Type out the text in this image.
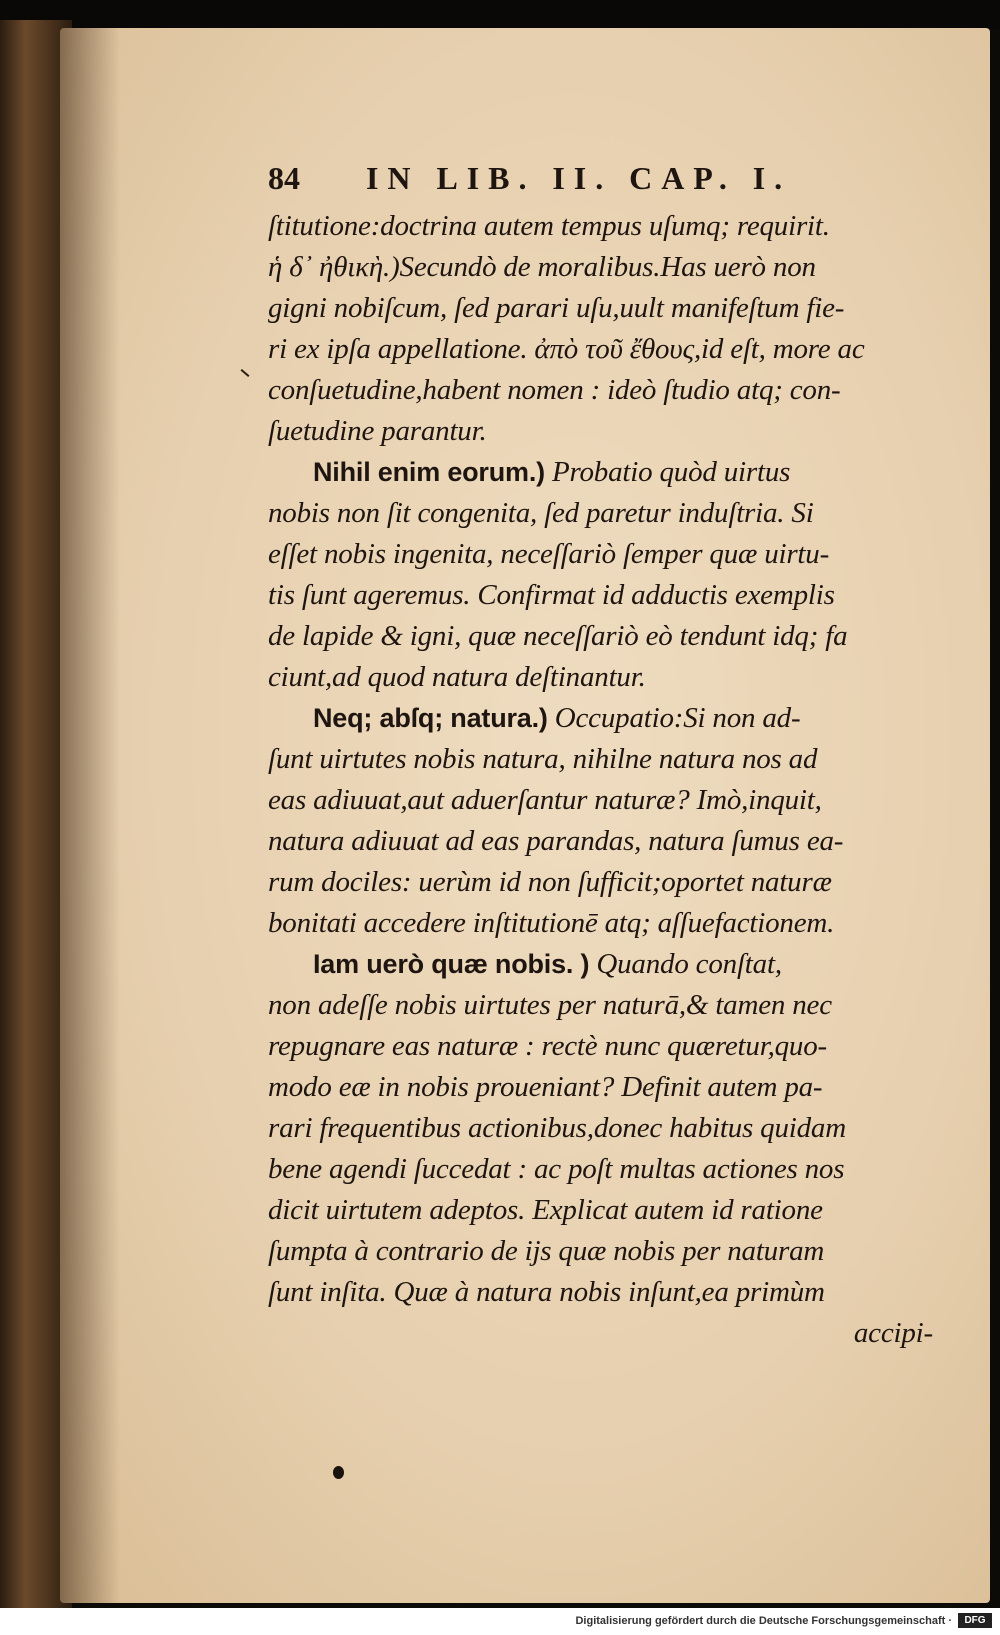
84	IN LIB. II. CAP. I.
ſtitutione:doctrina autem tempus uſumq; requirit.
ἡ δ᾽ ἠθικὴ.)Secundò de moralibus.Has uerò non
gigni nobiſcum, ſed parari uſu,uult manifeſtum fie-
ri ex ipſa appellatione. ἀπὸ τοῦ ἔθους,id eſt, more ac
conſuetudine,habent nomen : ideò ſtudio atq; con-
ſuetudine parantur.
Nihil enim eorum.) Probatio quòd uirtus
nobis non ſit congenita, ſed paretur induſtria. Si
eſſet nobis ingenita, neceſſariò ſemper quæ uirtu-
tis ſunt ageremus. Confirmat id adductis exemplis
de lapide & igni, quæ neceſſariò eò tendunt idq; fa
ciunt,ad quod natura deſtinantur.
Neq; abſq; natura.) Occupatio:Si non ad-
ſunt uirtutes nobis natura, nihilne natura nos ad
eas adiuuat,aut aduerſantur naturæ? Imò,inquit,
natura adiuuat ad eas parandas, natura ſumus ea-
rum dociles: uerùm id non ſufficit;oportet naturæ
bonitati accedere inſtitutionē atq; aſſuefactionem.
Iam uerò quæ nobis. ) Quando conſtat,
non adeſſe nobis uirtutes per naturā,& tamen nec
repugnare eas naturæ : rectè nunc quæretur,quo-
modo eæ in nobis proueniant? Definit autem pa-
rari frequentibus actionibus,donec habitus quidam
bene agendi ſuccedat : ac poſt multas actiones nos
dicit uirtutem adeptos. Explicat autem id ratione
ſumpta à contrario de ijs quæ nobis per naturam
ſunt inſita. Quæ à natura nobis inſunt,ea primùm
accipi-
Digitalisierung gefördert durch die Deutsche Forschungsgemeinschaft ·	DFG
